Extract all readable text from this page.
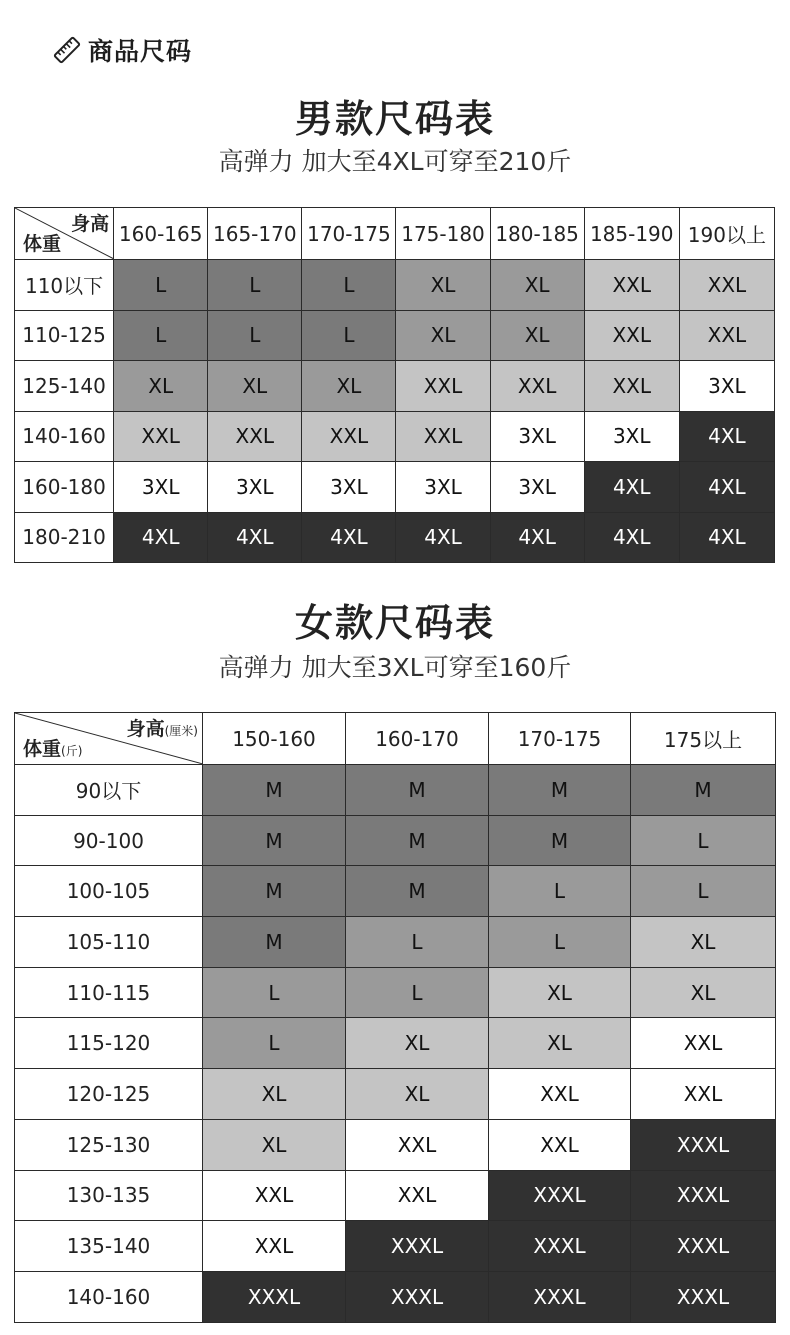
商品尺码
男款尺码表
高弹力 加大至4XL可穿至210斤
身高
体重	160-165	165-170	170-175	175-180	180-185	185-190	190以上
110以下	L	L	L	XL	XL	XXL	XXL
110-125	L	L	L	XL	XL	XXL	XXL
125-140	XL	XL	XL	XXL	XXL	XXL	3XL
140-160	XXL	XXL	XXL	XXL	3XL	3XL	4XL
160-180	3XL	3XL	3XL	3XL	3XL	4XL	4XL
180-210	4XL	4XL	4XL	4XL	4XL	4XL	4XL
女款尺码表
高弹力 加大至3XL可穿至160斤
身高(厘米)
体重(斤)	150-160	160-170	170-175	175以上
90以下	M	M	M	M
90-100	M	M	M	L
100-105	M	M	L	L
105-110	M	L	L	XL
110-115	L	L	XL	XL
115-120	L	XL	XL	XXL
120-125	XL	XL	XXL	XXL
125-130	XL	XXL	XXL	XXXL
130-135	XXL	XXL	XXXL	XXXL
135-140	XXL	XXXL	XXXL	XXXL
140-160	XXXL	XXXL	XXXL	XXXL
